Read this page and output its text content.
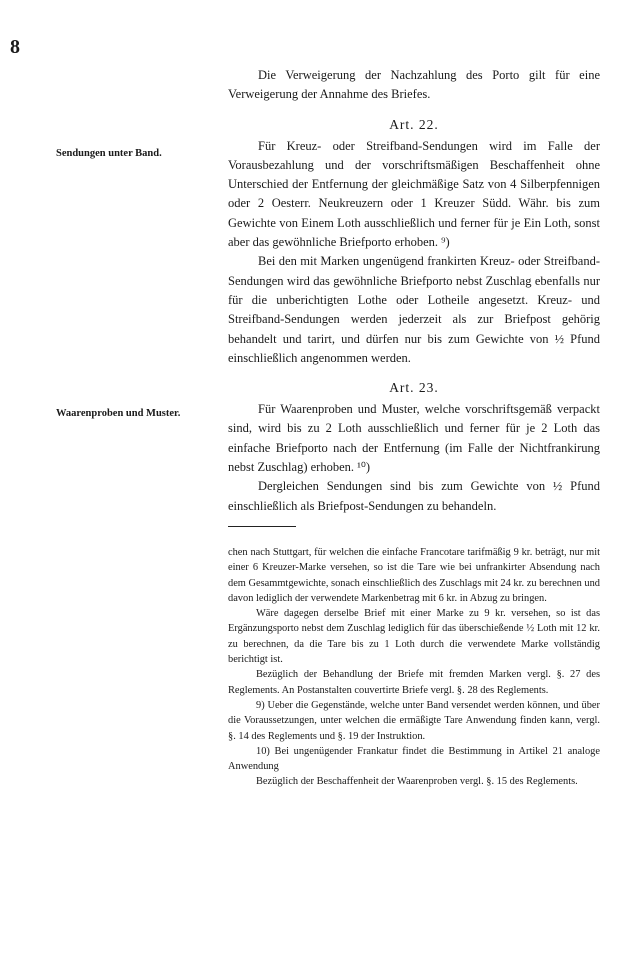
8
Sendungen unter Band.
Waarenproben und Muster.

Die Verweigerung der Nachzahlung des Porto gilt für eine Verweigerung der Annahme des Briefes.

Art. 22.

Für Kreuz- oder Streifband-Sendungen wird im Falle der Vorausbezahlung und der vorschriftsmäßigen Beschaffenheit ohne Unterschied der Entfernung der gleichmäßige Satz von 4 Silberpfennigen oder 2 Oesterr. Neukreuzern oder 1 Kreuzer Südd. Währ. bis zum Gewichte von Einem Loth ausschließlich und ferner für je Ein Loth, sonst aber das gewöhnliche Briefporto erhoben. ⁹)

Bei den mit Marken ungenügend frankirten Kreuz- oder Streifband-Sendungen wird das gewöhnliche Briefporto nebst Zuschlag ebenfalls nur für die unberichtigten Lothe oder Lotheile angesetzt. Kreuz- und Streifband-Sendungen werden jederzeit als zur Briefpost gehörig behandelt und tarirt, und dürfen nur bis zum Gewichte von ½ Pfund einschließlich angenommen werden.

Art. 23.

Für Waarenproben und Muster, welche vorschriftsgemäß verpackt sind, wird bis zu 2 Loth ausschließlich und ferner für je 2 Loth das einfache Briefporto nach der Entfernung (im Falle der Nichtfrankirung nebst Zuschlag) erhoben. ¹⁰)

Dergleichen Sendungen sind bis zum Gewichte von ½ Pfund einschließlich als Briefpost-Sendungen zu behandeln.

chen nach Stuttgart, für welchen die einfache Francotare tarifmäßig 9 kr. beträgt, nur mit einer 6 Kreuzer-Marke versehen, so ist die Tare wie bei unfrankirter Absendung nach dem Gesammtgewichte, sonach einschließlich des Zuschlags mit 24 kr. zu berechnen und davon lediglich der verwendete Markenbetrag mit 6 kr. in Abzug zu bringen.

Wäre dagegen derselbe Brief mit einer Marke zu 9 kr. versehen, so ist das Ergänzungsporto nebst dem Zuschlag lediglich für das überschießende ½ Loth mit 12 kr. zu berechnen, da die Tare bis zu 1 Loth durch die verwendete Marke vollständig berichtigt ist.

Bezüglich der Behandlung der Briefe mit fremden Marken vergl. §. 27 des Reglements. An Postanstalten couvertirte Briefe vergl. §. 28 des Reglements.

9) Ueber die Gegenstände, welche unter Band versendet werden können, und über die Voraussetzungen, unter welchen die ermäßigte Tare Anwendung finden kann, vergl. §. 14 des Reglements und §. 19 der Instruktion.

10) Bei ungenügender Frankatur findet die Bestimmung in Artikel 21 analoge Anwendung

Bezüglich der Beschaffenheit der Waarenproben vergl. §. 15 des Reglements.
